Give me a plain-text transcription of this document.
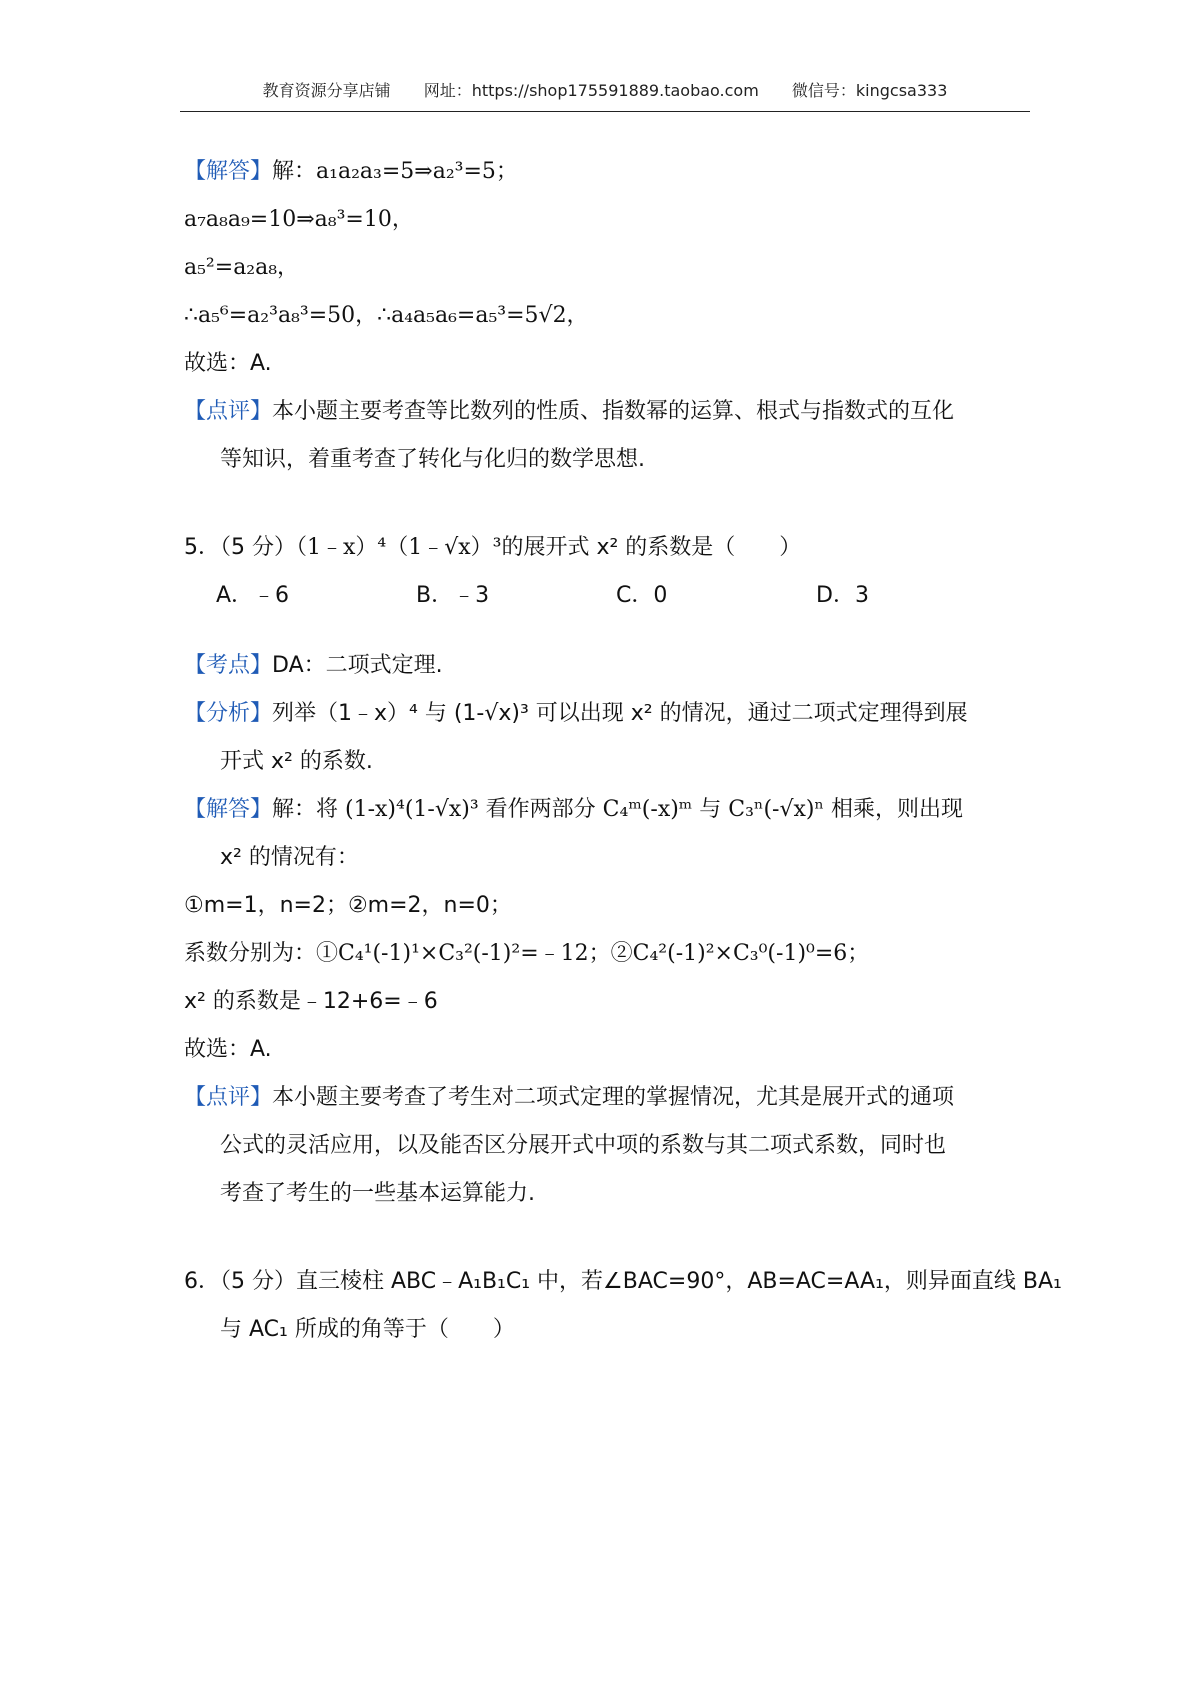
教育资源分享店铺 网址：https://shop175591889.taobao.com 微信号：kingcsa333
【解答】解：a₁a₂a₃=5⇒a₂³=5；
a₇a₈a₉=10⇒a₈³=10，
a₅²=a₂a₈，
∴a₅⁶=a₂³a₈³=50，∴a₄a₅a₆=a₅³=5√2，
故选：A.
【点评】本小题主要考查等比数列的性质、指数幂的运算、根式与指数式的互化
等知识，着重考查了转化与化归的数学思想.
5．（5 分）（1﹣x）⁴（1﹣√x）³的展开式 x² 的系数是（　　）
A．﹣6	B．﹣3	C．0	D．3
【考点】DA：二项式定理.
【分析】列举（1﹣x）⁴ 与 (1-√x)³ 可以出现 x² 的情况，通过二项式定理得到展
开式 x² 的系数.
【解答】解：将 (1-x)⁴(1-√x)³ 看作两部分 C₄ᵐ(-x)ᵐ 与 C₃ⁿ(-√x)ⁿ 相乘，则出现
x² 的情况有：
①m=1，n=2；②m=2，n=0；
系数分别为：①C₄¹(-1)¹×C₃²(-1)²=﹣12；②C₄²(-1)²×C₃⁰(-1)⁰=6；
x² 的系数是﹣12+6=﹣6
故选：A.
【点评】本小题主要考查了考生对二项式定理的掌握情况，尤其是展开式的通项
公式的灵活应用，以及能否区分展开式中项的系数与其二项式系数，同时也
考查了考生的一些基本运算能力.
6．（5 分）直三棱柱 ABC﹣A₁B₁C₁ 中，若∠BAC=90°，AB=AC=AA₁，则异面直线 BA₁
与 AC₁ 所成的角等于（　　）
